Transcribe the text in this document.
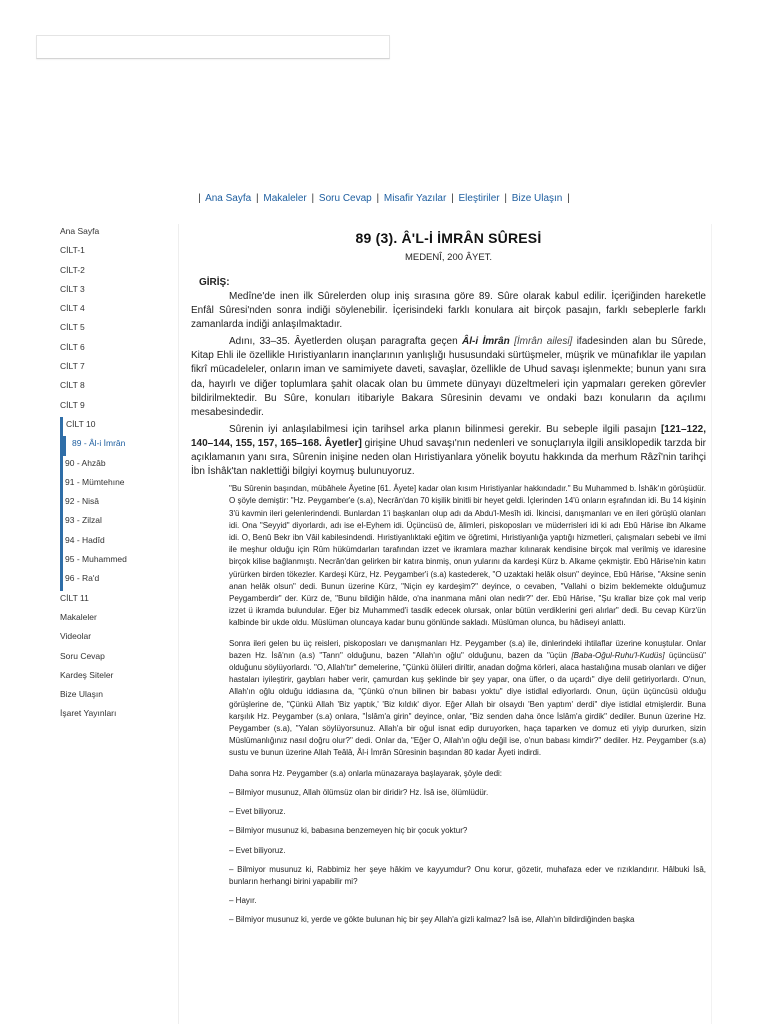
| Ana Sayfa | Makaleler | Soru Cevap | Misafir Yazılar | Eleştiriler | Bize Ulaşın |
Ana Sayfa
CİLT-1
CİLT-2
CİLT 3
CİLT 4
CİLT 5
CİLT 6
CİLT 7
CİLT 8
CİLT 9
CİLT 10
89 - Âl-i İmrân
90 - Ahzâb
91 - Mümtehıne
92 - Nisâ
93 - Zilzal
94 - Hadîd
95 - Muhammed
96 - Ra'd
CİLT 11
Makaleler
Videolar
Soru Cevap
Kardeş Siteler
Bize Ulaşın
İşaret Yayınları
89 (3). Â'L-İ İMRÂN SÛRESİ
MEDENÎ, 200 ÂYET.
GİRİŞ:

Medîne'de inen ilk Sûrelerden olup iniş sırasına göre 89. Sûre olarak kabul edilir. İçeriğinden hareketle Enfâl Sûresi'nden sonra indiği söylenebilir. İçerisindeki farklı konulara ait birçok pasajın, farklı sebeplerle farklı zamanlarda indiği anlaşılmaktadır.

Adını, 33–35. Âyetlerden oluşan paragrafta geçen Âl-i İmrân [İmrân ailesi] ifadesinden alan bu Sûrede, Kitap Ehli ile özellikle Hıristiyanların inançlarının yanlışlığı hususundaki sürtüşmeler, müşrik ve münafıklar ile yapılan fikrî mücadeleler, onların iman ve samimiyete daveti, savaşlar, özellikle de Uhud savaşı işlenmekte; bunun yanı sıra da, hayırlı ve diğer toplumlara şahit olacak olan bu ümmete dünyayı düzeltmeleri için yapmaları gereken görevler bildirilmektedir. Bu Sûre, konuları itibariyle Bakara Sûresinin devamı ve ondaki bazı konuların da açılımı mesabesindedir.

Sûrenin iyi anlaşılabilmesi için tarihsel arka planın bilinmesi gerekir. Bu sebeple ilgili pasajın [121–122, 140–144, 155, 157, 165–168. Âyetler] girişine Uhud savaşı'nın nedenleri ve sonuçlarıyla ilgili ansiklopedik tarzda bir açıklamanın yanı sıra, Sûrenin inişine neden olan Hıristiyanlara yönelik boyutu hakkında da merhum Râzî'nin tarihçi İbn İshâk'tan naklettiği bilgiyi koymuş bulunuyoruz.

"Bu Sûrenin başından, mübâhele Âyetine [61. Âyete] kadar olan kısım Hıristiyanlar hakkındadır." Bu Muhammed b. İshâk'ın görüşüdür. O şöyle demiştir: "Hz. Peygamber'e (s.a), Necrân'dan 70 kişilik binitli bir heyet geldi. İçlerinden 14'ü onların eşrafından idi. Bu 14 kişinin 3'ü kavmin ileri gelenlerindendi. Bunlardan 1'i başkanları olup adı da Abdu'l-Mesîh idi. İkincisi, danışmanları ve en ileri görüşlü olanları idi. Ona "Seyyid" diyorlardı, adı ise el-Eyhem idi. Üçüncüsü de, âlimleri, piskoposları ve müderrisleri idi ki adı Ebû Hârise ibn Alkame idi. O, Benû Bekr ibn Vâil kabilesindendi. Hıristiyanlıktaki eğitim ve öğretimi, Hıristiyanlığa yaptığı hizmetleri, çalışmaları sebebi ve ilmi ile meşhur olduğu için Rûm hükümdarları tarafından izzet ve ikramlara mazhar kılınarak kendisine birçok mal verilmiş ve idaresine birçok kilise bağlanmıştı. Necrân'dan gelirken bir katıra binmiş, onun yularını da kardeşi Kürz b. Alkame çekmiştir. Ebû Hârise'nin katırı yürürken birden tökezler. Kardeşi Kürz, Hz. Peygamber'i (s.a) kastederek, "O uzaktaki helâk olsun" deyince, Ebû Hârise, "Aksine senin anan helâk olsun" dedi. Bunun üzerine Kürz, "Niçin ey kardeşim?" deyince, o cevaben, "Vallahi o bizim beklemekte olduğumuz Peygamberdir" der. Kürz de, "Bunu bildiğin hâlde, o'na inanmana mâni olan nedir?" der. Ebû Hârise, "Şu krallar bize çok mal verip izzet ü ikramda bulundular. Eğer biz Muhammed'i tasdik edecek olursak, onlar bütün verdiklerini geri alırlar" dedi. Bu cevap Kürz'ün kalbinde bir ukde oldu. Müslüman oluncaya kadar bunu gönlünde sakladı. Müslüman olunca, bu hâdiseyi anlattı.

Sonra ileri gelen bu üç reisleri, piskoposları ve danışmanları Hz. Peygamber (s.a) ile, dinlerindeki ihtilaflar üzerine konuştular. Onlar bazen Hz. İsâ'nın (a.s) "Tanrı" olduğunu, bazen "Allah'ın oğlu" olduğunu, bazen da "üçün [Baba-Oğul-Ruhu'l-Kudüs] üçüncüsü" olduğunu söylüyorlardı. "O, Allah'tır" demelerine, "Çünkü ölüleri diriltir, anadan doğma körleri, alaca hastalığına musab olanları ve diğer hastaları iyileştirir, gaybları haber verir, çamurdan kuş şeklinde bir şey yapar, ona üfler, o da uçardı" diye delil getiriyorlardı. O'nun, Allah'ın oğlu olduğu iddiasına da, "Çünkü o'nun bilinen bir babası yoktu" diye istidlal ediyorlardı. Onun, üçün üçüncüsü olduğu görüşlerine de, "Çünkü Allah 'Biz yaptık,' 'Biz kıldık' diyor. Eğer Allah bir olsaydı 'Ben yaptım' derdi" diye istidlal etmişlerdir. Buna karşılık Hz. Peygamber (s.a) onlara, "İslâm'a girin" deyince, onlar, "Biz senden daha önce İslâm'a girdik" dediler. Bunun üzerine Hz. Peygamber (s.a), "Yalan söylüyorsunuz. Allah'a bir oğul isnat edip duruyorken, haça taparken ve domuz eti yiyip dururken, sizin Müslümanlığınız nasıl doğru olur?" dedi. Onlar da, "Eğer O, Allah'ın oğlu değil ise, o'nun babası kimdir?" dediler. Hz. Peygamber (s.a) sustu ve bunun üzerine Allah Teâlâ, Âl-i İmrân Sûresinin başından 80 kadar Âyeti indirdi.

Daha sonra Hz. Peygamber (s.a) onlarla münazaraya başlayarak, şöyle dedi:

– Bilmiyor musunuz, Allah ölümsüz olan bir diridir? Hz. İsâ ise, ölümlüdür.

– Evet biliyoruz.

– Bilmiyor musunuz ki, babasına benzemeyen hiç bir çocuk yoktur?

– Evet biliyoruz.

– Bilmiyor musunuz ki, Rabbimiz her şeye hâkim ve kayyumdur? Onu korur, gözetir, muhafaza eder ve rızıklandırır. Hâlbuki İsâ, bunların herhangi birini yapabilir mi?

– Hayır.

– Bilmiyor musunuz ki, yerde ve gökte bulunan hiç bir şey Allah'a gizli kalmaz? İsâ ise, Allah'ın bildirdiğinden başka
